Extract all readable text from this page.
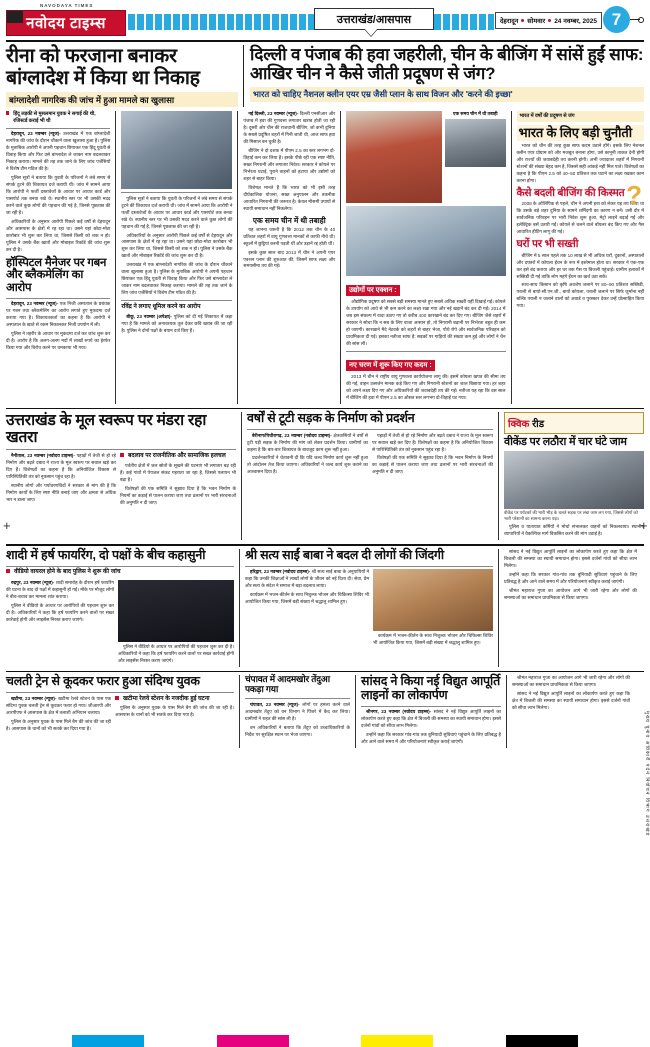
नवोदय टाइम्स
NAVODAYA TIMES
उत्तराखंड/आसपास	देहरादून सोमवार 24 नवम्बर, 2025 7
रीना को फरजाना बनाकर बांग्लादेश में किया था निकाह
बांग्लादेशी नागरिक की जांच में हुआ मामले का खुलासा
दिल्ली व पंजाब की हवा जहरीली, चीन के बीजिंग में सांसें हुईं साफ: आखिर चीन ने कैसे जीती प्रदूषण से जंग?
भारत को चाहिए नैशनल क्लीन एयर एम्र जैसी प्लान के साथ विजन और 'करने की इच्छा'
हिंदू लड़की से मुसलमान युवक ने सगाई की थी, रजिस्टर्ड कराई भी थी

देहरादून, 23 नवम्बर (न्यूज)- उत्तराखंड में एक बांग्लादेशी नागरिक की जांच के दौरान चौंकाने वाला खुलासा हुआ है। पुलिस के मुताबिक आरोपी ने अपनी पहचान छिपाकर एक हिंदू युवती से विवाह किया और फिर उसे बांग्लादेश ले जाकर नाम बदलवाकर निकाह कराया। मामले की तह तक जाने के लिए जांच एजेंसियों ने विशेष टीम गठित की है।

पुलिस सूत्रों ने बताया कि युवती के परिजनों ने लंबे समय से संपर्क टूटने की शिकायत दर्ज करायी थी। जांच में सामने आया कि आरोपी ने फर्जी दस्तावेजों के आधार पर आधार कार्ड और पासपोर्ट तक बनवा रखे थे। स्थानीय स्तर पर भी उसकी मदद करने वाले कुछ लोगों की पहचान की गई है, जिनसे पूछताछ की जा रही है।

अधिकारियों के अनुसार आरोपी पिछले कई वर्षों से देहरादून और आसपास के क्षेत्रों में रह रहा था। उसने यहां छोटा-मोटा कारोबार भी शुरू कर लिया था, जिससे किसी को शक न हो। पुलिस ने उसके बैंक खातों और मोबाइल रिकॉर्ड की जांच शुरू कर दी है।

हॉस्पिटल मैनेजर पर गबन और ब्लैकमेलिंग का आरोप

देहरादून, 23 नवम्बर (न्यूज)- एक निजी अस्पताल के प्रबंधक पर गबन तथा ब्लैकमेलिंग का आरोप लगाते हुए मुकदमा दर्ज कराया गया है। शिकायतकर्ता का कहना है कि आरोपी ने अस्पताल के खाते से रकम निकालकर निजी उपयोग में ली।

पुलिस ने तहरीर के आधार पर मुकदमा दर्ज कर जांच शुरू कर दी है। आरोप है कि अलग-अलग मदों में लाखों रुपये का हेरफेर किया गया और विरोध करने पर धमकाया भी गया।

पुलिस सूत्रों ने बताया कि युवती के परिजनों ने लंबे समय से संपर्क टूटने की शिकायत दर्ज करायी थी। जांच में सामने आया कि आरोपी ने फर्जी दस्तावेजों के आधार पर आधार कार्ड और पासपोर्ट तक बनवा रखे थे। स्थानीय स्तर पर भी उसकी मदद करने वाले कुछ लोगों की पहचान की गई है, जिनसे पूछताछ की जा रही है।

अधिकारियों के अनुसार आरोपी पिछले कई वर्षों से देहरादून और आसपास के क्षेत्रों में रह रहा था। उसने यहां छोटा-मोटा कारोबार भी शुरू कर लिया था, जिससे किसी को शक न हो। पुलिस ने उसके बैंक खातों और मोबाइल रिकॉर्ड की जांच शुरू कर दी है।

उत्तराखंड में एक बांग्लादेशी नागरिक की जांच के दौरान चौंकाने वाला खुलासा हुआ है। पुलिस के मुताबिक आरोपी ने अपनी पहचान छिपाकर एक हिंदू युवती से विवाह किया और फिर उसे बांग्लादेश ले जाकर नाम बदलवाकर निकाह कराया। मामले की तह तक जाने के लिए जांच एजेंसियों ने विशेष टीम गठित की है।

रविंद्र ने लगाए धूमिल करने का आरोप

बीकू, 23 नवम्बर (अपेक्षा)- पुलिस को दी गई शिकायत में कहा गया है कि मामले को अनावश्यक तूल देकर छवि खराब की जा रही है। पुलिस ने दोनों पक्षों के बयान दर्ज किए हैं।

नई दिल्ली, 23 नवम्बर (न्यूज)- दिल्ली एनसीआर और पंजाब में हवा की गुणवत्ता लगातार खराब होती जा रही है। दूसरी ओर चीन की राजधानी बीजिंग, जो कभी दुनिया के सबसे प्रदूषित शहरों में गिनी जाती थी, आज साफ हवा की मिसाल बन चुकी है।

बीजिंग ने दो दशक में पीएम 2.5 का स्तर लगभग दो-तिहाई कम कर लिया है। इसके पीछे रही एक स्पष्ट नीति, सख्त निगरानी और लगातार निवेश। सरकार ने कोयले पर निर्भरता घटाई, पुराने वाहनों को हटाया और उद्योगों को शहर से बाहर किया।

विशेषज्ञ मानते हैं कि भारत को भी इसी तरह दीर्घकालिक योजना, सख्त अनुपालन और तकनीक आधारित निगरानी की जरूरत है। केवल मौसमी उपायों से स्थायी समाधान नहीं निकलेगा।

एक समय चीन में थी तबाही

यह जानना जरूरी है कि 2012 तक चीन के 40 प्रतिशत शहरों में वायु गुणवत्ता मानकों से काफी नीचे थी। स्कूलों में छुट्टियां करनी पड़ती थीं और उड़ानें रद्द होती थीं।

इसके कुछ साल बाद 2013 में चीन ने अपनी एयर एक्शन प्लान की शुरुआत की, जिसमें साफ लक्ष्य और समयसीमा तय की गई।

एक समय चीन में थी तबाही
उद्योगों पर एक्शन :

औद्योगिक प्रदूषण को सबसे बड़ी समस्या मानते हुए सबसे अधिक सख्ती यहीं दिखाई गई। कोयले के उपयोग को आधे से भी कम करने का लक्ष्य रखा गया और नई खदानें बंद कर दी गईं। 2014 में जब इस संकल्प में वादा उठाए गए तो करीब 400 कारखाने बंद कर दिए गए। बीजिंग जैसे शहरों में सरकार ने सोचा कि न सब के लिए वाजा आसान हो, तो निगरानी बढ़ानी पर निर्भरता बहुत ही कम हो जाएगी। कारखाने मैदे नेटवर्क को शहरों से बाहर भेजा, पौधे रोपे और सार्वजनिक परिवहन को प्राथमिकता दी गई। इसका नतीजा साफ है: सड़कों पर गाड़ियों की संख्या कम हुई और लोगों ने चैन की सांस ली।

नए चरण में शुरू किए गए कदम :

2013 में चीन ने राष्ट्रीय वायु गुणवत्ता कार्ययोजना लागू की। इसमें कोयला खपत की सीमा तय की गई, वाहन उत्सर्जन मानक कड़े किए गए और निगरानी स्टेशनों का जाल बिछाया गया। हर शहर को अपने लक्ष्य दिए गए और अधिकारियों की जवाबदेही तय की गई। नतीजा यह रहा कि दस साल में बीजिंग की हवा में पीएम 2.5 का औसत स्तर लगभग दो-तिहाई घट गया।

भारत में वर्षों की प्रदूषण से जंग
भारत के लिए बड़ी चुनौती

भारत को चीन की तरह कुछ साफ कदम उठाने होंगे। इसके लिए नेशनल क्लीन एयर प्रोग्राम को और मजबूत बनाना होगा, उसे कानूनी ताकत देनी होगी और राज्यों की जवाबदेही तय करनी होगी। अभी ज्यादातर शहरों में निगरानी स्टेशनों की संख्या बेहद कम है, जिससे सही आंकड़े नहीं मिल पाते। विशेषज्ञों का कहना है कि पीएम 2.5 को 40–50 प्रतिशत तक घटाने का लक्ष्य रखकर काम करना होगा।

कैसे बदली बीजिंग की किस्मत ?

2008 के ओलिंपिक से पहले, चीन ने अपनी हवा को लेकर यह तय किया था कि उसके बड़े शहर दुनिया के सामने शर्मिंदगी का कारण न बनें। उसी दौर में सार्वजनिक परिवहन पर भारी निवेश शुरू हुआ, मेट्रो लाइनें बढ़ाई गईं और इलेक्ट्रिक बसें उतारी गईं। कोयले से चलने वाले बॉयलर बंद किए गए और गैस आधारित हीटिंग लागू की गई।

घरों पर भी सख्ती

बीजिंग में 5 साल पहले तक 10 लाख से भी अधिक घरों, दुकानों, अस्पतालों और दफ्तरों में कोयला ईंधन के रूप में इस्तेमाल होता था। सरकार ने एक-एक कर इसे बंद कराया और हर घर तक गैस या बिजली पहुंचाई। ग्रामीण इलाकों में सब्सिडी दी गई ताकि लोग महंगे ईंधन का खर्च उठा सकें।

साथ-साथ किसान को कृषि अवशेष जलाने पर 80–90 प्रतिशत सब्सिडी, पराली से बायो-सी.एन.जी., बायो कोयला, पराली जलाने पर सिर्फ जुर्माना नहीं बल्कि पराली न जलाने वालों को अवार्ड व पुरस्कार देकर उन्हें प्रोत्साहित किया गया।

उत्तराखंड के मूल स्वरूप पर मंडरा रहा खतरा

नैनीताल, 23 नवम्बर (नवोदय टाइम्स)- पहाड़ों में तेजी से हो रहे निर्माण और बढ़ते दबाव ने राज्य के मूल स्वरूप पर सवाल खड़े कर दिए हैं। विशेषज्ञों का कहना है कि अनियोजित विकास से पारिस्थितिकी तंत्र को नुकसान पहुंच रहा है।

स्थानीय लोगों और पर्यावरणविदों ने सरकार से मांग की है कि निर्माण कार्यों के लिए स्पष्ट नीति बनाई जाए और क्षमता से अधिक भार न डाला जाए।

बदलाव पर राजनीतिक और सामाजिक हलचल

पर्वतीय क्षेत्रों में जल स्रोतों के सूखने की घटनाएं भी लगातार बढ़ रही हैं। कई गांवों में पेयजल संकट गहराता जा रहा है, जिससे पलायन भी बढ़ा है।

विशेषज्ञों की एक समिति ने सुझाव दिया है कि भवन निर्माण के नियमों का कड़ाई से पालन कराया जाए तथा ढलानों पर भारी संरचनाओं की अनुमति न दी जाए।

वर्षों से टूटी सड़क के निर्माण को प्रदर्शन

बेरीनाग/पिथौरागढ़, 23 नवम्बर (नवोदय टाइम्स)- क्षेत्रवासियों ने वर्षों से टूटी पड़ी सड़क के निर्माण की मांग को लेकर प्रदर्शन किया। ग्रामीणों का कहना है कि बार-बार शिकायत के बावजूद काम शुरू नहीं हुआ।

प्रदर्शनकारियों ने चेतावनी दी कि यदि जल्द निर्माण कार्य शुरू नहीं हुआ तो आंदोलन तेज किया जाएगा। अधिकारियों ने जल्द कार्य शुरू कराने का आश्वासन दिया है।

पहाड़ों में तेजी से हो रहे निर्माण और बढ़ते दबाव ने राज्य के मूल स्वरूप पर सवाल खड़े कर दिए हैं। विशेषज्ञों का कहना है कि अनियोजित विकास से पारिस्थितिकी तंत्र को नुकसान पहुंच रहा है।

विशेषज्ञों की एक समिति ने सुझाव दिया है कि भवन निर्माण के नियमों का कड़ाई से पालन कराया जाए तथा ढलानों पर भारी संरचनाओं की अनुमति न दी जाए।

क्विक रीड
वीकेंड पर लठौरा में चार घंटे जाम
वीकेंड पर पर्यटकों की भारी भीड़ के चलते सड़क पर लंबा जाम लग गया, जिससे लोगों को भारी परेशानी का सामना करना पड़ा।

पुलिस व यातायात कर्मियों ने मोर्चा संभालकर वाहनों को निकलवाया। स्थानीय व्यापारियों ने वैकल्पिक मार्ग विकसित करने की मांग उठाई है।

शादी में हर्ष फायरिंग, दो पक्षों के बीच कहासुनी
वीडियो वायरल होने के बाद पुलिस ने शुरू की जांच

रुद्रपुर, 23 नवम्बर (न्यूज)- शादी समारोह के दौरान हर्ष फायरिंग की घटना के बाद दो पक्षों में कहासुनी हो गई। मौके पर मौजूद लोगों ने बीच-बचाव कर मामला शांत कराया।

पुलिस ने वीडियो के आधार पर आरोपियों की पहचान शुरू कर दी है। अधिकारियों ने कहा कि हर्ष फायरिंग करने वालों पर सख्त कार्रवाई होगी और लाइसेंस निरस्त कराए जाएंगे।

पुलिस ने वीडियो के आधार पर आरोपियों की पहचान शुरू कर दी है। अधिकारियों ने कहा कि हर्ष फायरिंग करने वालों पर सख्त कार्रवाई होगी और लाइसेंस निरस्त कराए जाएंगे।

श्री सत्य साईं बाबा ने बदल दी लोगों की जिंदगी

हरिद्वार, 23 नवम्बर (नवोदय टाइम्स)- श्री सत्य साईं बाबा के अनुयायियों ने कहा कि उनकी शिक्षाओं ने लाखों लोगों के जीवन को नई दिशा दी। सेवा, प्रेम और सत्य के संदेश ने समाज में बड़ा बदलाव लाया।

कार्यक्रम में भजन-कीर्तन के साथ निशुल्क भोजन और चिकित्सा शिविर भी आयोजित किया गया, जिसमें बड़ी संख्या में श्रद्धालु शामिल हुए।

कार्यक्रम में भजन-कीर्तन के साथ निशुल्क भोजन और चिकित्सा शिविर भी आयोजित किया गया, जिसमें बड़ी संख्या में श्रद्धालु शामिल हुए।

सांसद ने नई विद्युत आपूर्ति लाइनों का लोकार्पण करते हुए कहा कि क्षेत्र में बिजली की समस्या का स्थायी समाधान होगा। इससे दर्जनों गांवों को सीधा लाभ मिलेगा।

उन्होंने कहा कि सरकार गांव-गांव तक बुनियादी सुविधाएं पहुंचाने के लिए प्रतिबद्ध है और आने वाले समय में और परियोजनाएं स्वीकृत कराई जाएंगी।

श्रीमंत महाराज गुप्ता का आयोजन आगे भी जारी रहेगा और लोगों की समस्याओं का समाधान प्राथमिकता से किया जाएगा।

चलती ट्रेन से कूदकर फरार हुआ संदिग्ध युवक

खटीमा, 23 नवम्बर (न्यूज)- खटीमा रेलवे स्टेशन के पास एक संदिग्ध युवक चलती ट्रेन से कूदकर फरार हो गया। जीआरपी और आरपीएफ ने आसपास के क्षेत्र में तलाशी अभियान चलाया।

पुलिस के अनुसार युवक के पास मिले बैग की जांच की जा रही है। आसपास के थानों को भी सतर्क कर दिया गया है।

खटीमा रेलवे स्टेशन के नजदीक हुई घटना

पुलिस के अनुसार युवक के पास मिले बैग की जांच की जा रही है। आसपास के थानों को भी सतर्क कर दिया गया है।

चंपावत में आदमखोर तेंदुआ पकड़ा गया

चंपावत, 23 नवम्बर (न्यूज)- लोगों पर हमला करने वाले आदमखोर तेंदुए को वन विभाग ने पिंजरे में कैद कर लिया। ग्रामीणों ने राहत की सांस ली है।

वन अधिकारियों ने बताया कि तेंदुए को उच्चाधिकारियों के निर्देश पर सुरक्षित स्थान पर भेजा जाएगा।

सांसद ने किया नई विद्युत आपूर्ति लाइनों का लोकार्पण

श्रीनगर, 23 नवम्बर (नवोदय टाइम्स)- सांसद ने नई विद्युत आपूर्ति लाइनों का लोकार्पण करते हुए कहा कि क्षेत्र में बिजली की समस्या का स्थायी समाधान होगा। इससे दर्जनों गांवों को सीधा लाभ मिलेगा।

उन्होंने कहा कि सरकार गांव-गांव तक बुनियादी सुविधाएं पहुंचाने के लिए प्रतिबद्ध है और आने वाले समय में और परियोजनाएं स्वीकृत कराई जाएंगी।

श्रीमंत महाराज गुप्ता का आयोजन आगे भी जारी रहेगा और लोगों की समस्याओं का समाधान प्राथमिकता से किया जाएगा।

सांसद ने नई विद्युत आपूर्ति लाइनों का लोकार्पण करते हुए कहा कि क्षेत्र में बिजली की समस्या का स्थायी समाधान होगा। इससे दर्जनों गांवों को सीधा लाभ मिलेगा।

मुख्य चुनाव अधिकारी पदेन निर्वाचन विभाग उत्तराखंड
+
+
